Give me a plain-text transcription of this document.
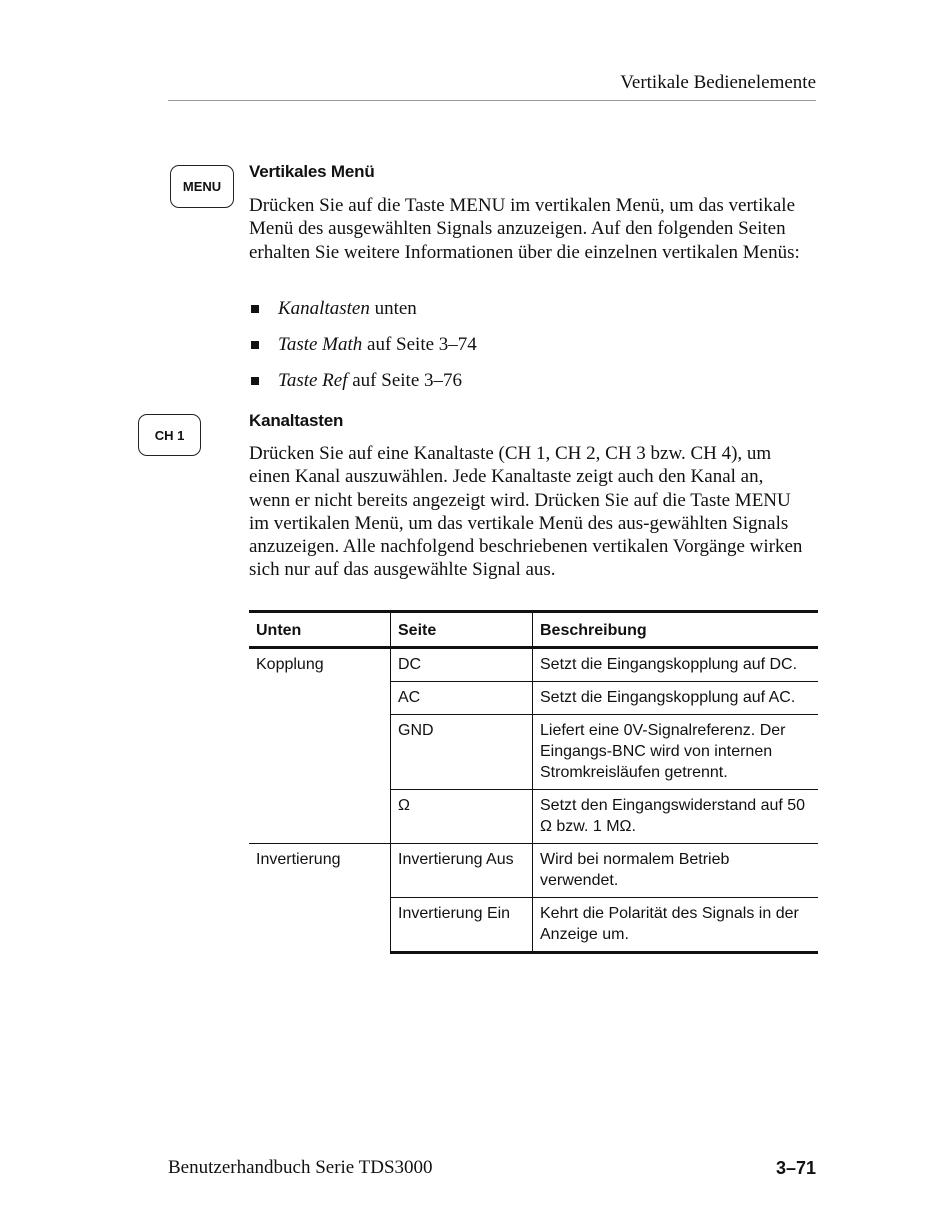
Vertikale Bedienelemente
MENU
Vertikales Menü
Drücken Sie auf die Taste MENU im vertikalen Menü, um das vertikale Menü des ausgewählten Signals anzuzeigen. Auf den folgenden Seiten erhalten Sie weitere Informationen über die einzelnen vertikalen Menüs:
Kanaltasten unten
Taste Math auf Seite 3–74
Taste Ref auf Seite 3–76
CH 1
Kanaltasten
Drücken Sie auf eine Kanaltaste (CH 1, CH 2, CH 3 bzw. CH 4), um einen Kanal auszuwählen. Jede Kanaltaste zeigt auch den Kanal an, wenn er nicht bereits angezeigt wird. Drücken Sie auf die Taste MENU im vertikalen Menü, um das vertikale Menü des aus-gewählten Signals anzuzeigen. Alle nachfolgend beschriebenen vertikalen Vorgänge wirken sich nur auf das ausgewählte Signal aus.
Unten	Seite	Beschreibung
Kopplung	DC	Setzt die Eingangskopplung auf DC.
	AC	Setzt die Eingangskopplung auf AC.
	GND	Liefert eine 0V-Signalreferenz. Der Eingangs-BNC wird von internen Stromkreisläufen getrennt.
	Ω	Setzt den Eingangswiderstand auf 50 Ω bzw. 1 MΩ.
Invertierung	Invertierung Aus	Wird bei normalem Betrieb verwendet.
	Invertierung Ein	Kehrt die Polarität des Signals in der Anzeige um.
Benutzerhandbuch Serie TDS3000	3–71
